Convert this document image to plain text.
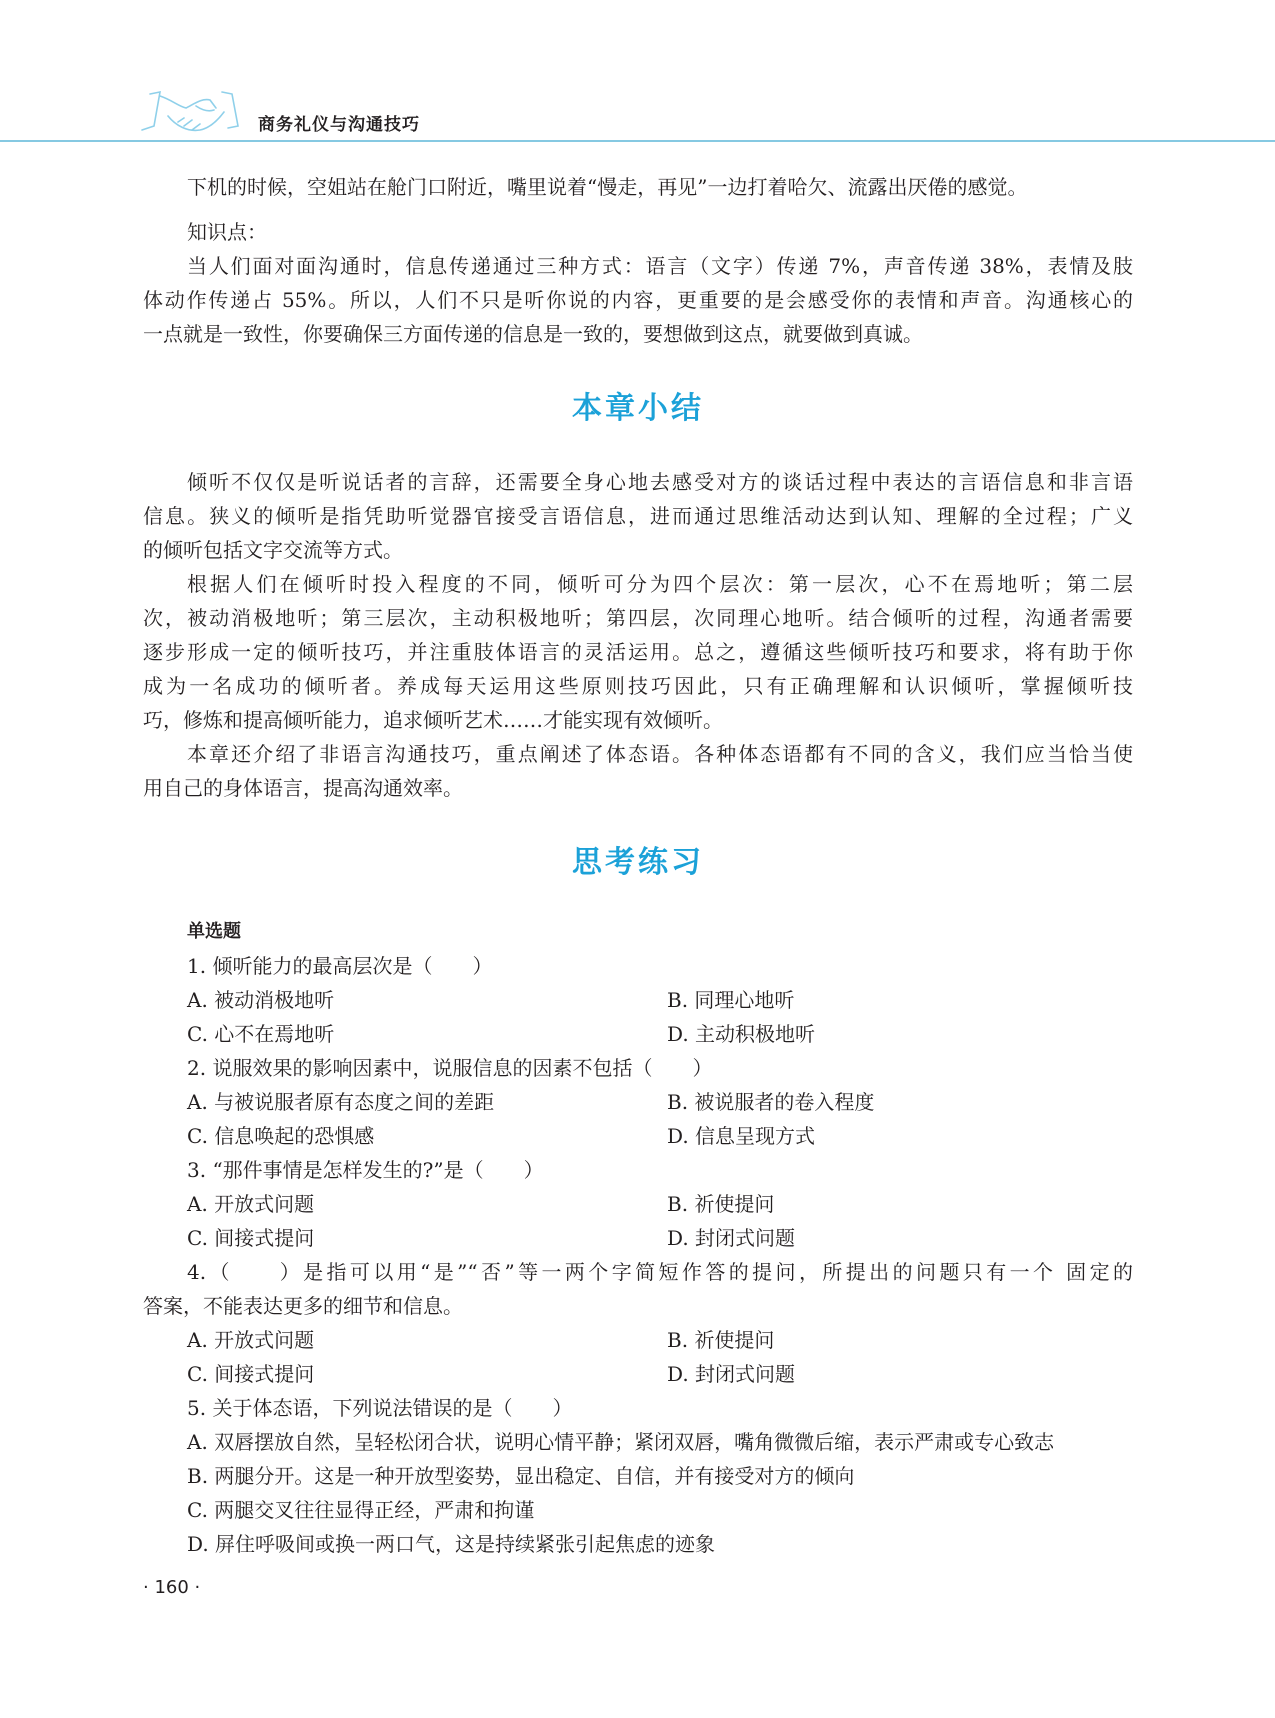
商务礼仪与沟通技巧
下机的时候，空姐站在舱门口附近，嘴里说着“慢走，再见”一边打着哈欠、流露出厌倦的感觉。
知识点：
当人们面对面沟通时，信息传递通过三种方式：语言（文字）传递 7%，声音传递 38%，表情及肢
体动作传递占 55%。所以，人们不只是听你说的内容，更重要的是会感受你的表情和声音。沟通核心的
一点就是一致性，你要确保三方面传递的信息是一致的，要想做到这点，就要做到真诚。
本章小结
倾听不仅仅是听说话者的言辞，还需要全身心地去感受对方的谈话过程中表达的言语信息和非言语
信息。狭义的倾听是指凭助听觉器官接受言语信息，进而通过思维活动达到认知、理解的全过程；广义
的倾听包括文字交流等方式。
根据人们在倾听时投入程度的不同，倾听可分为四个层次：第一层次，心不在焉地听；第二层
次，被动消极地听；第三层次，主动积极地听；第四层，次同理心地听。结合倾听的过程，沟通者需要
逐步形成一定的倾听技巧，并注重肢体语言的灵活运用。总之，遵循这些倾听技巧和要求，将有助于你
成为一名成功的倾听者。养成每天运用这些原则技巧因此，只有正确理解和认识倾听，掌握倾听技
巧，修炼和提高倾听能力，追求倾听艺术……才能实现有效倾听。
本章还介绍了非语言沟通技巧，重点阐述了体态语。各种体态语都有不同的含义，我们应当恰当使
用自己的身体语言，提高沟通效率。
思考练习
单选题
1. 倾听能力的最高层次是（　　）
A. 被动消极地听	B. 同理心地听
C. 心不在焉地听	D. 主动积极地听
2. 说服效果的影响因素中，说服信息的因素不包括（　　）
A. 与被说服者原有态度之间的差距	B. 被说服者的卷入程度
C. 信息唤起的恐惧感	D. 信息呈现方式
3. “那件事情是怎样发生的?”是（　　）
A. 开放式问题	B. 祈使提问
C. 间接式提问	D. 封闭式问题
4.（　　）是指可以用“是”“否”等一两个字简短作答的提问，所提出的问题只有一个 固定的
答案，不能表达更多的细节和信息。
A. 开放式问题	B. 祈使提问
C. 间接式提问	D. 封闭式问题
5. 关于体态语，下列说法错误的是（　　）
A. 双唇摆放自然，呈轻松闭合状，说明心情平静；紧闭双唇，嘴角微微后缩，表示严肃或专心致志
B. 两腿分开。这是一种开放型姿势，显出稳定、自信，并有接受对方的倾向
C. 两腿交叉往往显得正经，严肃和拘谨
D. 屏住呼吸间或换一两口气，这是持续紧张引起焦虑的迹象
· 160 ·
